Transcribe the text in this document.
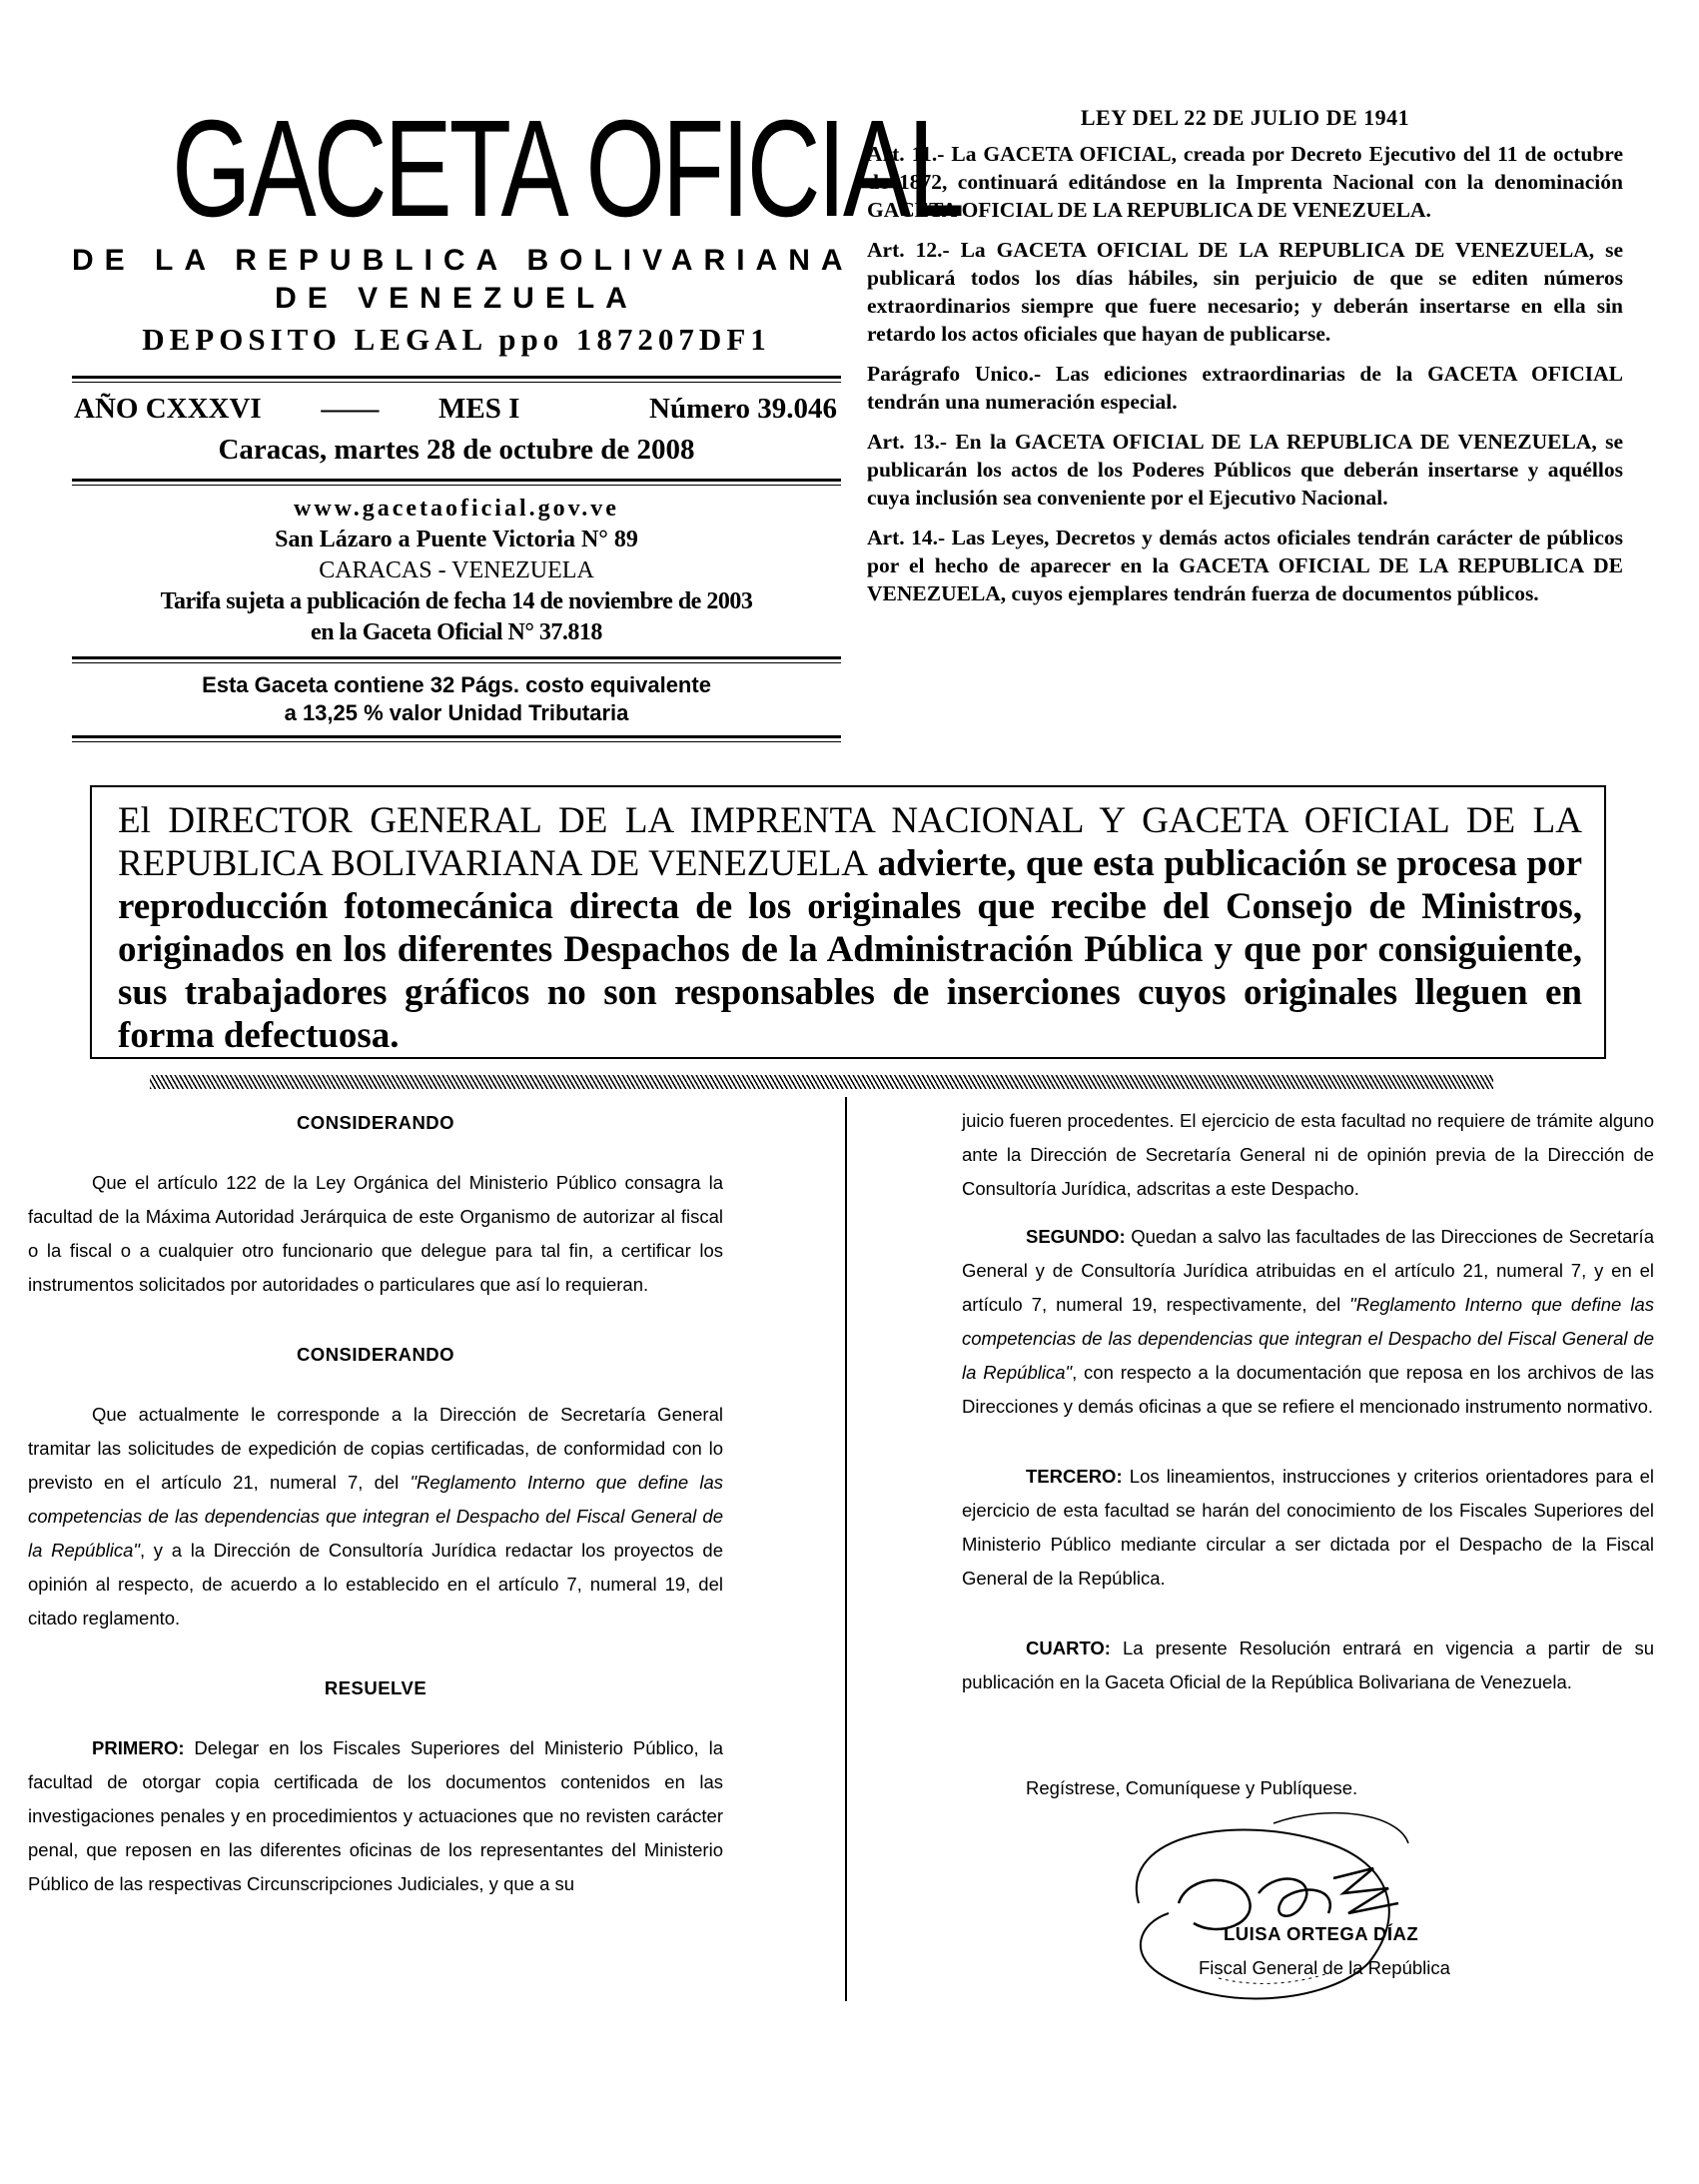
GACETA OFICIAL
DE LA REPUBLICA BOLIVARIANA
DE VENEZUELA
DEPOSITO LEGAL ppo 187207DF1
AÑO CXXXVI —— MES I	Número 39.046
Caracas, martes 28 de octubre de 2008
www.gacetaoficial.gov.ve
San Lázaro a Puente Victoria N° 89
CARACAS - VENEZUELA
Tarifa sujeta a publicación de fecha 14 de noviembre de 2003
en la Gaceta Oficial N° 37.818
Esta Gaceta contiene 32 Págs. costo equivalente
a 13,25 % valor Unidad Tributaria
LEY DEL 22 DE JULIO DE 1941

Art. 11.- La GACETA OFICIAL, creada por Decreto Ejecutivo del 11 de octubre de 1872, continuará editándose en la Imprenta Nacional con la denominación GACETA OFICIAL DE LA REPUBLICA DE VENEZUELA.

Art. 12.- La GACETA OFICIAL DE LA REPUBLICA DE VENEZUELA, se publicará todos los días hábiles, sin perjuicio de que se editen números extraordinarios siempre que fuere necesario; y deberán insertarse en ella sin retardo los actos oficiales que hayan de publicarse.

Parágrafo Unico.- Las ediciones extraordinarias de la GACETA OFICIAL tendrán una numeración especial.

Art. 13.- En la GACETA OFICIAL DE LA REPUBLICA DE VENEZUELA, se publicarán los actos de los Poderes Públicos que deberán insertarse y aquéllos cuya inclusión sea conveniente por el Ejecutivo Nacional.

Art. 14.- Las Leyes, Decretos y demás actos oficiales tendrán carácter de públicos por el hecho de aparecer en la GACETA OFICIAL DE LA REPUBLICA DE VENEZUELA, cuyos ejemplares tendrán fuerza de documentos públicos.

El DIRECTOR GENERAL DE LA IMPRENTA NACIONAL Y GACETA OFICIAL DE LA REPUBLICA BOLIVARIANA DE VENEZUELA advierte, que esta publicación se procesa por reproducción fotomecánica directa de los originales que recibe del Consejo de Ministros, originados en los diferentes Despachos de la Administración Pública y que por consiguiente, sus trabajadores gráficos no son responsables de inserciones cuyos originales lleguen en forma defectuosa.

CONSIDERANDO

Que el artículo 122 de la Ley Orgánica del Ministerio Público consagra la facultad de la Máxima Autoridad Jerárquica de este Organismo de autorizar al fiscal o la fiscal o a cualquier otro funcionario que delegue para tal fin, a certificar los instrumentos solicitados por autoridades o particulares que así lo requieran.

CONSIDERANDO

Que actualmente le corresponde a la Dirección de Secretaría General tramitar las solicitudes de expedición de copias certificadas, de conformidad con lo previsto en el artículo 21, numeral 7, del "Reglamento Interno que define las competencias de las dependencias que integran el Despacho del Fiscal General de la República", y a la Dirección de Consultoría Jurídica redactar los proyectos de opinión al respecto, de acuerdo a lo establecido en el artículo 7, numeral 19, del citado reglamento.

RESUELVE

PRIMERO: Delegar en los Fiscales Superiores del Ministerio Público, la facultad de otorgar copia certificada de los documentos contenidos en las investigaciones penales y en procedimientos y actuaciones que no revisten carácter penal, que reposen en las diferentes oficinas de los representantes del Ministerio Público de las respectivas Circunscripciones Judiciales, y que a su

juicio fueren procedentes. El ejercicio de esta facultad no requiere de trámite alguno ante la Dirección de Secretaría General ni de opinión previa de la Dirección de Consultoría Jurídica, adscritas a este Despacho.

SEGUNDO: Quedan a salvo las facultades de las Direcciones de Secretaría General y de Consultoría Jurídica atribuidas en el artículo 21, numeral 7, y en el artículo 7, numeral 19, respectivamente, del "Reglamento Interno que define las competencias de las dependencias que integran el Despacho del Fiscal General de la República", con respecto a la documentación que reposa en los archivos de las Direcciones y demás oficinas a que se refiere el mencionado instrumento normativo.

TERCERO: Los lineamientos, instrucciones y criterios orientadores para el ejercicio de esta facultad se harán del conocimiento de los Fiscales Superiores del Ministerio Público mediante circular a ser dictada por el Despacho de la Fiscal General de la República.

CUARTO: La presente Resolución entrará en vigencia a partir de su publicación en la Gaceta Oficial de la República Bolivariana de Venezuela.

Regístrese, Comuníquese y Publíquese.
LUISA ORTEGA DÍAZ
Fiscal General de la República
